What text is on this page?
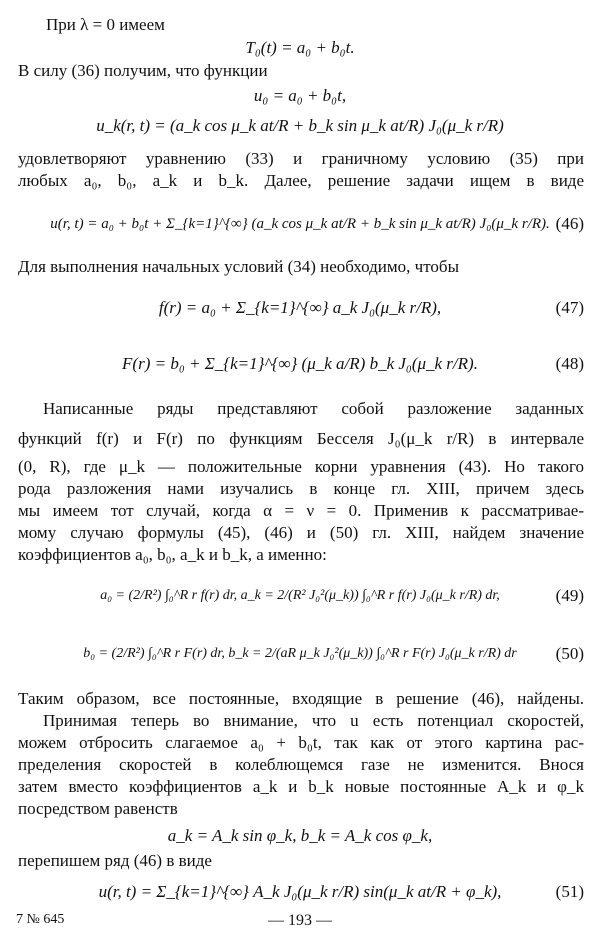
При λ = 0 имеем
T₀(t) = a₀ + b₀t.
В силу (36) получим, что функции
u₀ = a₀ + b₀t,
u_k(r, t) = (a_k cos μ_k at/R + b_k sin μ_k at/R) J₀(μ_k r/R)
удовлетворяют уравнению (33) и граничному условию (35) при
любых a₀, b₀, a_k и b_k. Далее, решение задачи ищем в виде
u(r, t) = a₀ + b₀t + Σ_{k=1}^{∞} (a_k cos μ_k at/R + b_k sin μ_k at/R) J₀(μ_k r/R). (46)
Для выполнения начальных условий (34) необходимо, чтобы
f(r) = a₀ + Σ_{k=1}^{∞} a_k J₀(μ_k r/R),	(47)
F(r) = b₀ + Σ_{k=1}^{∞} (μ_k a/R) b_k J₀(μ_k r/R).	(48)
Написанные ряды представляют собой разложение заданных
функций f(r) и F(r) по функциям Бесселя J₀(μ_k r/R) в интервале
(0, R), где μ_k — положительные корни уравнения (43). Но такого
рода разложения нами изучались в конце гл. XIII, причем здесь
мы имеем тот случай, когда α = ν = 0. Применив к рассматривае-
мому случаю формулы (45), (46) и (50) гл. XIII, найдем значение
коэффициентов a₀, b₀, a_k и b_k, а именно:
a₀ = (2/R²) ∫₀^R r f(r) dr, a_k = 2/(R² J₀²(μ_k)) ∫₀^R r f(r) J₀(μ_k r/R) dr,	(49)
b₀ = (2/R²) ∫₀^R r F(r) dr, b_k = 2/(aR μ_k J₀²(μ_k)) ∫₀^R r F(r) J₀(μ_k r/R) dr	(50)
Таким образом, все постоянные, входящие в решение (46), найдены.
Принимая теперь во внимание, что u есть потенциал скоростей,
можем отбросить слагаемое a₀ + b₀t, так как от этого картина рас-
пределения скоростей в колеблющемся газе не изменится. Внося
затем вместо коэффициентов a_k и b_k новые постоянные A_k и φ_k
посредством равенств
a_k = A_k sin φ_k, b_k = A_k cos φ_k,
перепишем ряд (46) в виде
u(r, t) = Σ_{k=1}^{∞} A_k J₀(μ_k r/R) sin(μ_k at/R + φ_k),	(51)
7 № 645	— 193 —
